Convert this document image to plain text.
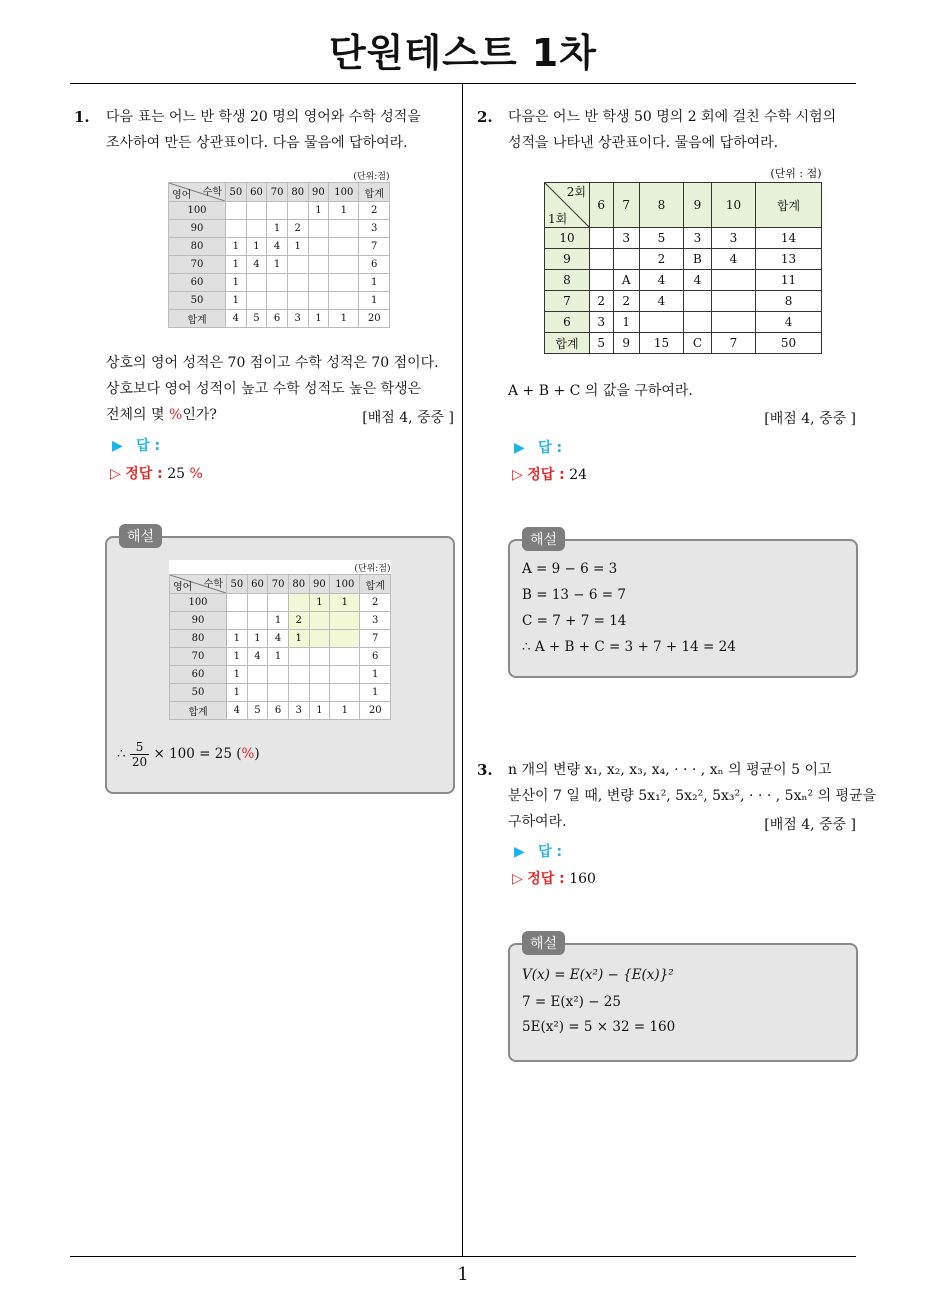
단원테스트 1차
1
1. 다음 표는 어느 반 학생 20 명의 영어와 수학 성적을
조사하여 만든 상관표이다. 다음 물음에 답하여라.
(단위:점)							

수학
영어	50	60	70	80	90	100	합계
100					1	1	2
90			1	2			3
80	1	1	4	1			7
70	1	4	1				6
60	1						1
50	1						1
합계	4	5	6	3	1	1	20
상호의 영어 성적은 70 점이고 수학 성적은 70 점이다.
상호보다 영어 성적이 높고 수학 성적도 높은 학생은
전체의 몇 %인가?	[배점 4, 중중 ]
▶ 답 :
▷ 정답 : 25 %
(단위:점)							

수학
영어	50	60	70	80	90	100	합계
100					1	1	2
90			1	2			3
80	1	1	4	1			7
70	1	4	1				6
60	1						1
50	1						1
합계	4	5	6	3	1	1	20
∴ $\frac{5}{20} \times 100 = 25$ (%)
해설
2. 다음은 어느 반 학생 50 명의 2 회에 걸친 수학 시험의
성적을 나타낸 상관표이다. 물음에 답하여라.
(단위 : 점)						

2회
1회	6	7	8	9	10	합계
10		3	5	3	3	14
9			2	B	4	13
8		A	4	4		11
7	2	2	4			8
6	3	1				4
합계	5	9	15	C	7	50
A + B + C 의 값을 구하여라.
[배점 4, 중중 ]
▶ 답 :
▷ 정답 : 24
A = 9 − 6 = 3
B = 13 − 6 = 7
C = 7 + 7 = 14
∴ A + B + C = 3 + 7 + 14 = 24
해설
3. n 개의 변량 x₁, x₂, x₃, x₄, · · · , xₙ 의 평균이 5 이고
분산이 7 일 때, 변량 5x₁², 5x₂², 5x₃², · · · , 5xₙ² 의 평균을
구하여라.	[배점 4, 중중 ]
▶ 답 :
▷ 정답 : 160
V(x) = E(x²) − {E(x)}²
7 = E(x²) − 25
5E(x²) = 5 × 32 = 160
해설
